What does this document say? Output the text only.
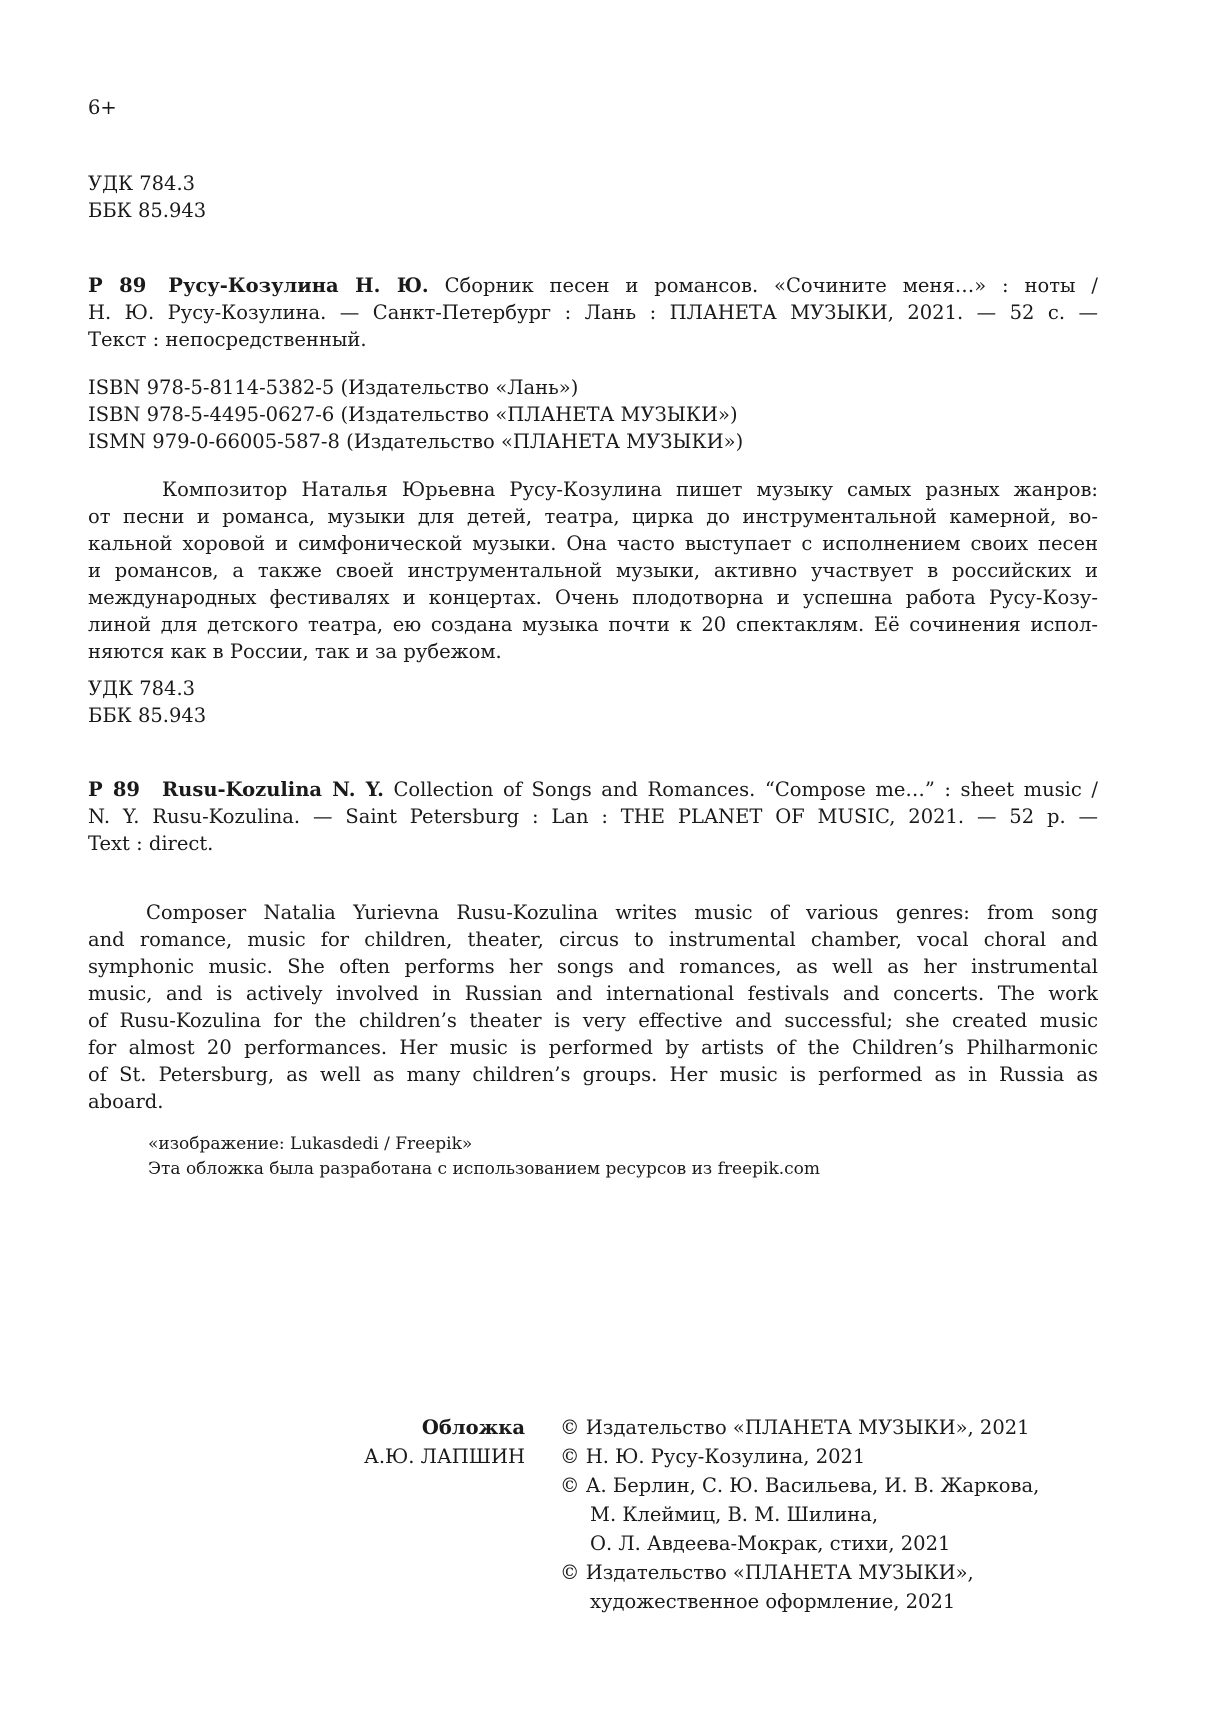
6+
УДК 784.3
ББК 85.943
Р 89 Русу-Козулина Н. Ю. Сборник песен и романсов. «Сочините меня…» : ноты /
Н. Ю. Русу-Козулина. — Санкт-Петербург : Лань : ПЛАНЕТА МУЗЫКИ, 2021. — 52 с. —
Текст : непосредственный.
ISBN 978-5-8114-5382-5 (Издательство «Лань»)
ISBN 978-5-4495-0627-6 (Издательство «ПЛАНЕТА МУЗЫКИ»)
ISMN 979-0-66005-587-8 (Издательство «ПЛАНЕТА МУЗЫКИ»)
Композитор Наталья Юрьевна Русу-Козулина пишет музыку самых разных жанров:
от песни и романса, музыки для детей, театра, цирка до инструментальной камерной, во-
кальной хоровой и симфонической музыки. Она часто выступает с исполнением своих песен
и романсов, а также своей инструментальной музыки, активно участвует в российских и
международных фестивалях и концертах. Очень плодотворна и успешна работа Русу-Козу-
линой для детского театра, ею создана музыка почти к 20 спектаклям. Её сочинения испол-
няются как в России, так и за рубежом.
УДК 784.3
ББК 85.943
Р 89 Rusu-Kozulina N. Y. Collection of Songs and Romances. “Compose me…” : sheet music /
N. Y. Rusu-Kozulina. — Saint Petersburg : Lan : THE PLANET OF MUSIC, 2021. — 52 p. —
Text : direct.
Composer Natalia Yurievna Rusu-Kozulina writes music of various genres: from song
and romance, music for children, theater, circus to instrumental chamber, vocal choral and
symphonic music. She often performs her songs and romances, as well as her instrumental
music, and is actively involved in Russian and international festivals and concerts. The work
of Rusu-Kozulina for the children’s theater is very effective and successful; she created music
for almost 20 performances. Her music is performed by artists of the Children’s Philharmonic
of St. Petersburg, as well as many children’s groups. Her music is performed as in Russia as
aboard.
«изображение: Lukasdedi / Freepik»
Эта обложка была разработана с использованием ресурсов из freepik.com
Обложка
А.Ю. ЛАПШИН
© Издательство «ПЛАНЕТА МУЗЫКИ», 2021
© Н. Ю. Русу-Козулина, 2021
© А. Берлин, С. Ю. Васильева, И. В. Жаркова,
М. Клеймиц, В. М. Шилина,
О. Л. Авдеева-Мокрак, стихи, 2021
© Издательство «ПЛАНЕТА МУЗЫКИ»,
художественное оформление, 2021
